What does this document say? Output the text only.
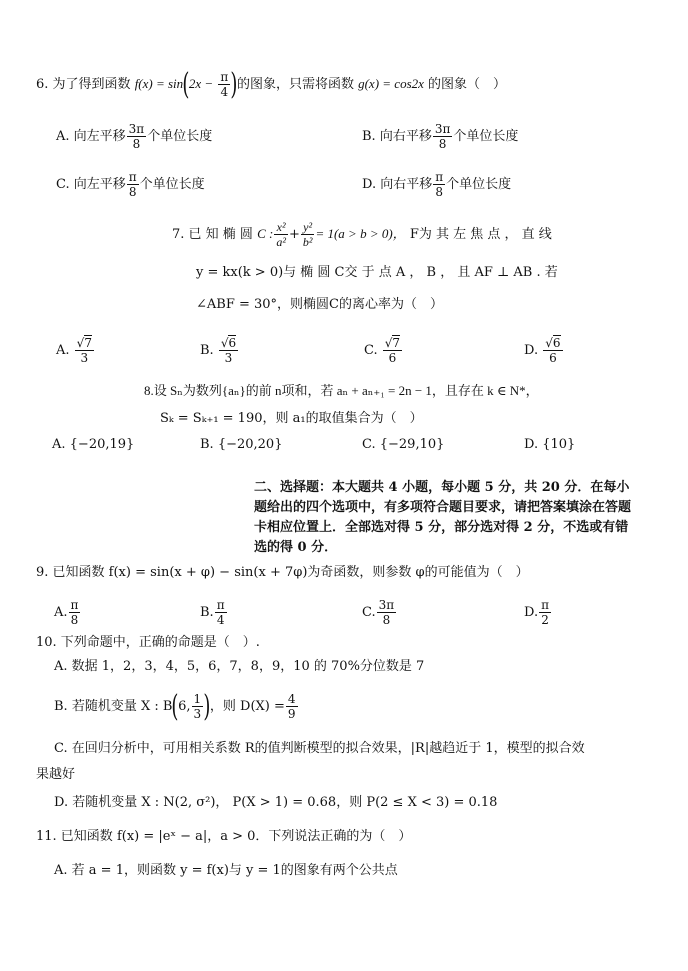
6. 为了得到函数 $f(x) = \sin(2x - \frac{\pi}{4}$ )的图象，只需将函数 g(x) = cos2x 的图象（　）
A. 向左平移 $\frac{3\pi}{8}$ 个单位长度	B. 向右平移 $\frac{3\pi}{8}$ 个单位长度
C. 向左平移 $\frac{\pi}{8}$ 个单位长度	D. 向右平移 $\frac{\pi}{8}$ 个单位长度
7. 已 知 椭 圆 C : $\frac{\text{x²}}{\text{a²}} + \frac{\text{y²}}{\text{b²}} = 1(a > b > 0)$， F为 其 左 焦 点 ， 直 线
y = kx(k > 0)与 椭 圆 C交 于 点 A ， B ， 且 AF ⊥ AB . 若
∠ABF = 30°，则椭圆C的离心率为（　）
A. $\frac{√7}{3}$	B. $\frac{√6}{3}$	C. $\frac{√7}{6}$	D. $\frac{√6}{6}$
8.设 Sₙ为数列{aₙ}的前 n项和，若 aₙ + aₙ₊₁ = 2n − 1，且存在 k ∈ N*，
Sₖ = Sₖ₊₁ = 190，则 a₁的取值集合为（　）
A. {−20,19}	B. {−20,20}	C. {−29,10}	D. {10}
二、选择题：本大题共 4 小题，每小题 5 分，共 20 分．在每小题给出的四个选项中，有多项符合题目要求，请把答案填涂在答题卡相应位置上．全部选对得 5 分，部分选对得 2 分，不选或有错选的得 0 分．
9. 已知函数 f(x) = sin(x + φ) − sin(x + 7φ)为奇函数，则参数 φ的可能值为（　）
A. $\frac{\pi}{8}$	B. $\frac{\pi}{4}$	C. $\frac{3\pi}{8}$	D. $\frac{\pi}{2}$
10. 下列命题中，正确的命题是（　）.
A. 数据 1，2，3，4，5，6，7，8，9，10 的 70%分位数是 7
B. 若随机变量 X : B(6, $\frac{1}{3}$ )，则 $D(X) = \frac{4}{9}$
C. 在回归分析中，可用相关系数 R的值判断模型的拟合效果，|R|越趋近于 1，模型的拟合效
果越好
D. 若随机变量 X : N(2, σ²)， P(X > 1) = 0.68，则 P(2 ≤ X < 3) = 0.18
11. 已知函数 f(x) = |eˣ − a|，a > 0．下列说法正确的为（　）
A. 若 a = 1，则函数 y = f(x)与 y = 1的图象有两个公共点
